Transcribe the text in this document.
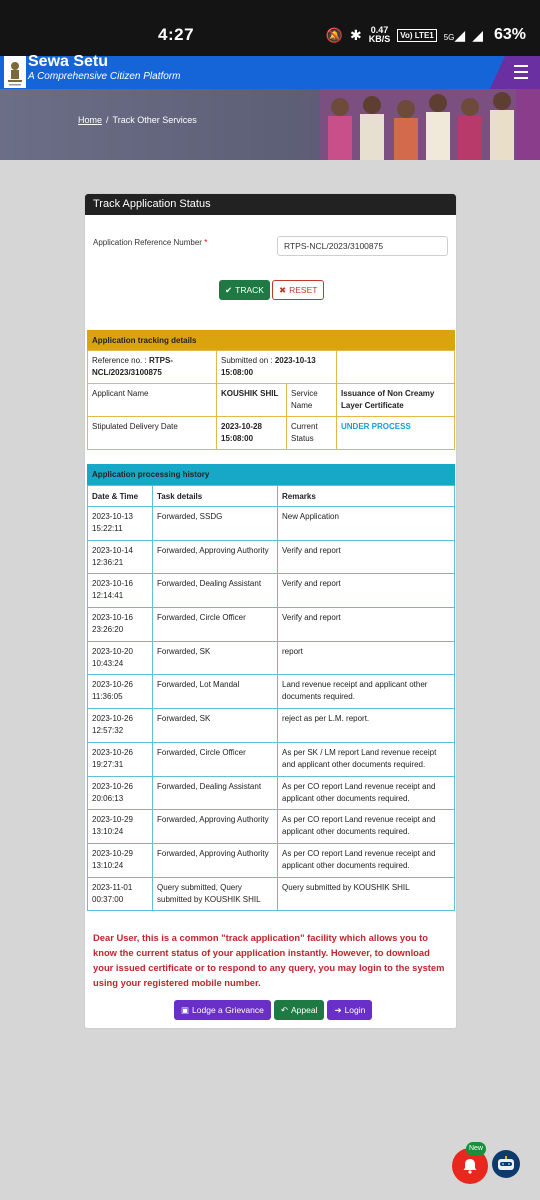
4:27	🔕 ✱ 0.47
KB/S	Vo) LTE1	5G◢ ◢ 63%
Sewa Setu
A Comprehensive Citizen Platform
Home / Track Other Services
Track Application Status
Application Reference Number *
RTPS-NCL/2023/3100875
✔ TRACK ✖ RESET
Application tracking details
Reference no. : RTPS-NCL/2023/3100875	Submitted on : 2023-10-13 15:08:00		
Applicant Name	KOUSHIK SHIL	Service Name	Issuance of Non Creamy Layer Certificate
Stipulated Delivery Date	2023-10-28 15:08:00	Current Status	UNDER PROCESS
Application processing history
Date & Time	Task details	Remarks
2023-10-13 15:22:11	Forwarded, SSDG	New Application
2023-10-14 12:36:21	Forwarded, Approving Authority	Verify and report
2023-10-16 12:14:41	Forwarded, Dealing Assistant	Verify and report
2023-10-16 23:26:20	Forwarded, Circle Officer	Verify and report
2023-10-20 10:43:24	Forwarded, SK	report
2023-10-26 11:36:05	Forwarded, Lot Mandal	Land revenue receipt and applicant other documents required.
2023-10-26 12:57:32	Forwarded, SK	reject as per L.M. report.
2023-10-26 19:27:31	Forwarded, Circle Officer	As per SK / LM report Land revenue receipt and applicant other documents required.
2023-10-26 20:06:13	Forwarded, Dealing Assistant	As per CO report Land revenue receipt and applicant other documents required.
2023-10-29 13:10:24	Forwarded, Approving Authority	As per CO report Land revenue receipt and applicant other documents required.
2023-10-29 13:10:24	Forwarded, Approving Authority	As per CO report Land revenue receipt and applicant other documents required.
2023-11-01 00:37:00	Query submitted, Query submitted by KOUSHIK SHIL	Query submitted by KOUSHIK SHIL

Dear User, this is a common "track application" facility which allows you to know the current status of your application instantly. However, to download your issued certificate or to respond to any query, you may login to the system using your registered mobile number.

▣ Lodge a Grievance ↶ Appeal ➔ Login
New
